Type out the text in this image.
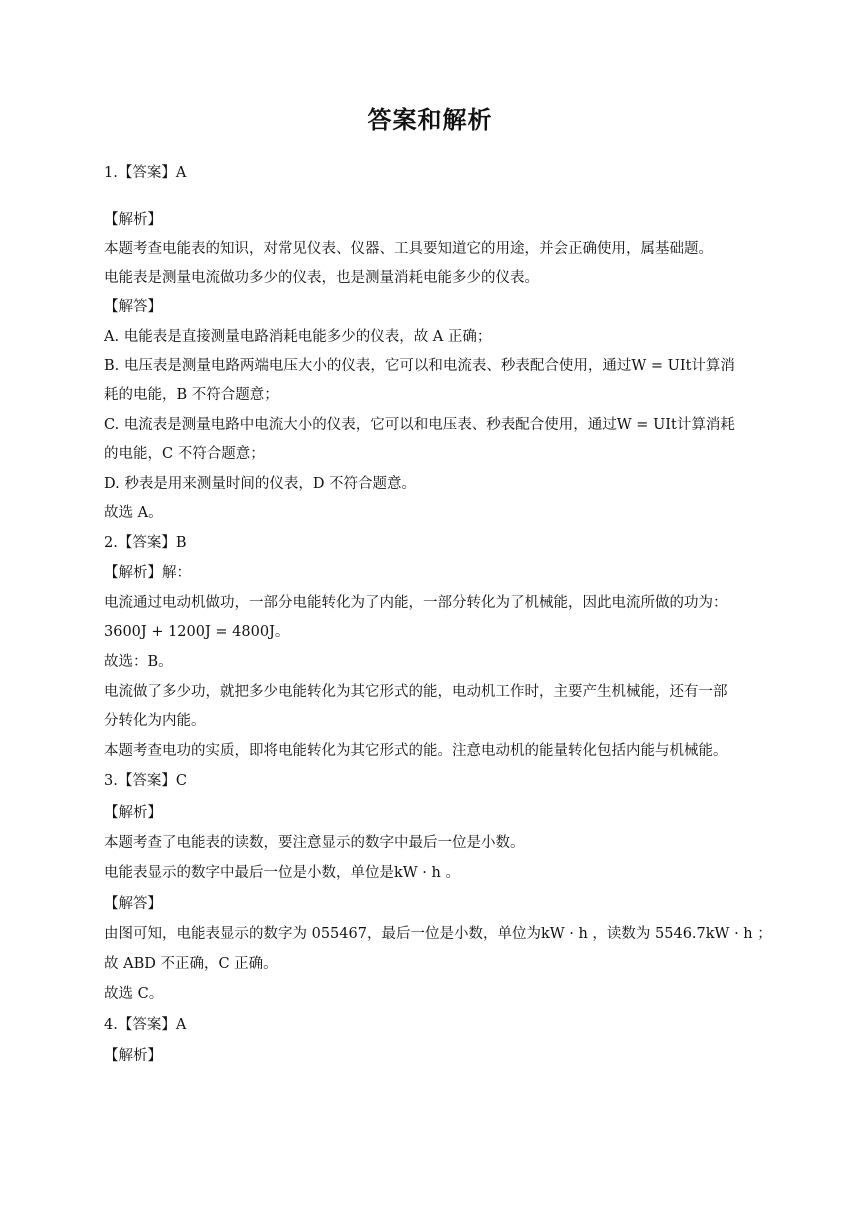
答案和解析
1.【答案】A
【解析】
本题考查电能表的知识，对常见仪表、仪器、工具要知道它的用途，并会正确使用，属基础题。
电能表是测量电流做功多少的仪表，也是测量消耗电能多少的仪表。
【解答】
A. 电能表是直接测量电路消耗电能多少的仪表，故 A 正确；
B. 电压表是测量电路两端电压大小的仪表，它可以和电流表、秒表配合使用，通过W = UIt计算消
耗的电能，B 不符合题意；
C. 电流表是测量电路中电流大小的仪表，它可以和电压表、秒表配合使用，通过W = UIt计算消耗
的电能，C 不符合题意；
D. 秒表是用来测量时间的仪表，D 不符合题意。
故选 A。
2.【答案】B
【解析】解：
电流通过电动机做功，一部分电能转化为了内能，一部分转化为了机械能，因此电流所做的功为：
3600J + 1200J = 4800J。
故选：B。
电流做了多少功，就把多少电能转化为其它形式的能，电动机工作时，主要产生机械能，还有一部
分转化为内能。
本题考查电功的实质，即将电能转化为其它形式的能。注意电动机的能量转化包括内能与机械能。
3.【答案】C
【解析】
本题考查了电能表的读数，要注意显示的数字中最后一位是小数。
电能表显示的数字中最后一位是小数，单位是kW · h 。
【解答】
由图可知，电能表显示的数字为 055467，最后一位是小数，单位为kW · h ，读数为 5546.7kW · h ；
故 ABD 不正确，C 正确。
故选 C。
4.【答案】A
【解析】
